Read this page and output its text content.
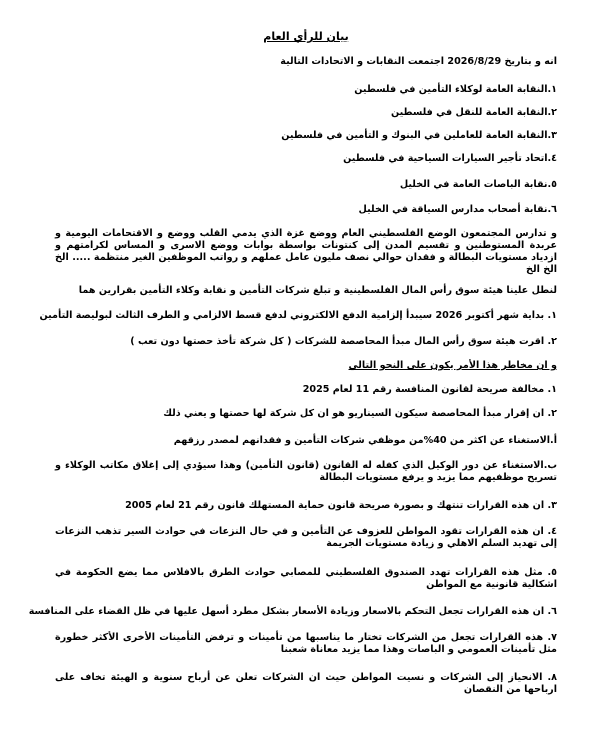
بيان للرأي العام
انه و بتاريخ 2026/8/29 اجتمعت النقابات و الاتحادات التالية
١.النقابة العامة لوكلاء التأمين في فلسطين
٢.النقابة العامة للنقل في فلسطين
٣.النقابة العامة للعاملين في البنوك و التأمين في فلسطين
٤.اتحاد تأجير السيارات السياحية في فلسطين
٥.نقابة الباصات العامة في الخليل
٦.نقابة أصحاب مدارس السياقة في الخليل
و تدارس المجتمعون الوضع الفلسطيني العام ووضع غزة الذي يدمي القلب ووضع و الاقتحامات اليومية و عربدة المستوطنين و تقسيم المدن إلى كنتونات بواسطة بوابات ووضع الاسرى و المساس لكرامتهم و ازدياد مستويات البطالة و فقدان حوالي نصف مليون عامل عملهم و رواتب الموظفين الغير منتظمة ..... الخ الخ الخ
لنطل علينا هيئة سوق رأس المال الفلسطينية و تبلغ شركات التأمين و نقابة وكلاء التأمين بقرارين هما
١. بداية شهر أكتوبر 2026 سيبدأ إلزامية الدفع الالكتروني لدفع قسط الالزامي و الطرف الثالث لبوليصة التأمين
٢. اقرت هيئة سوق رأس المال مبدأ المحاصصة للشركات ( كل شركة تأخذ حصتها دون تعب )
و ان مخاطر هذا الأمر يكون على النحو التالي
١. مخالفة صريحة لقانون المنافسة رقم 11 لعام 2025
٢. ان إقرار مبدأ المحاصصة سيكون السيناريو هو ان كل شركة لها حصتها و يعني ذلك
أ.الاستغناء عن اكثر من 40%من موظفي شركات التأمين و فقدانهم لمصدر رزقهم
ب.الاستغناء عن دور الوكيل الذي كفله له القانون (قانون التأمين) وهذا سيؤدي إلى إغلاق مكاتب الوكلاء و تسريح موظفيهم مما يزيد و يرفع مستويات البطالة
٣. ان هذه القرارات تنتهك و بصورة صريحة قانون حماية المستهلك قانون رقم 21 لعام 2005
٤. ان هذه القرارات تقود المواطن للعزوف عن التأمين و في حال النزعات في حوادث السير تذهب النزعات إلى تهديد السلم الاهلي و زيادة مستويات الجريمة
٥. مثل هذه القرارات تهدد الصندوق الفلسطيني للمصابي حوادث الطرق بالافلاس مما يضع الحكومة في اشكالية قانونية مع المواطن
٦. ان هذه القرارات تجعل التحكم بالاسعار وزيادة الأسعار بشكل مطرد أسهل عليها في ظل القضاء على المنافسة
٧. هذه القرارات تجعل من الشركات تختار ما يناسبها من تأمينات و ترفض التأمينات الأخرى الأكثر خطورة مثل تأمينات العمومي و الباصات وهذا مما يزيد معاناة شعبنا
٨. الانحياز إلى الشركات و نسيت المواطن حيث ان الشركات تعلن عن أرباح سنوية و الهيئة تخاف على ارباحها من النقصان
